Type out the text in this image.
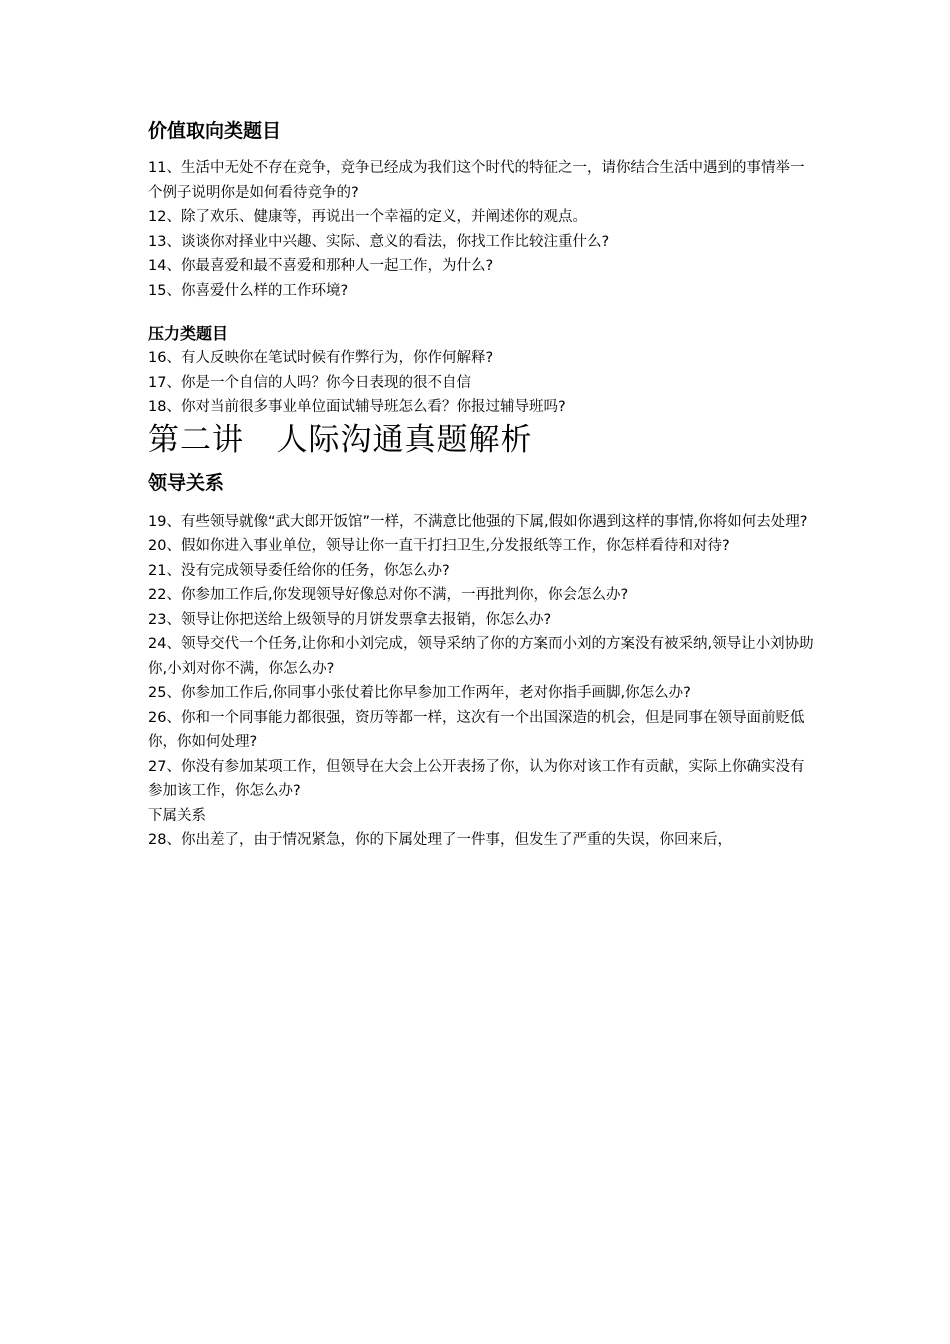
价值取向类题目

11、生活中无处不存在竞争，竞争已经成为我们这个时代的特征之一，请你结合生活中遇到的事情举一个例子说明你是如何看待竞争的?

12、除了欢乐、健康等，再说出一个幸福的定义，并阐述你的观点。

13、谈谈你对择业中兴趣、实际、意义的看法，你找工作比较注重什么?

14、你最喜爱和最不喜爱和那种人一起工作，为什么?

15、你喜爱什么样的工作环境?

压力类题目

16、有人反映你在笔试时候有作弊行为，你作何解释?

17、你是一个自信的人吗？你今日表现的很不自信

18、你对当前很多事业单位面试辅导班怎么看？你报过辅导班吗?

第二讲   人际沟通真题解析
领导关系

19、有些领导就像“武大郎开饭馆”一样，不满意比他强的下属,假如你遇到这样的事情,你将如何去处理?

20、假如你进入事业单位，领导让你一直干打扫卫生,分发报纸等工作，你怎样看待和对待?

21、没有完成领导委任给你的任务，你怎么办?

22、你参加工作后,你发现领导好像总对你不满，一再批判你，你会怎么办?

23、领导让你把送给上级领导的月饼发票拿去报销，你怎么办?

24、领导交代一个任务,让你和小刘完成，领导采纳了你的方案而小刘的方案没有被采纳,领导让小刘协助你,小刘对你不满，你怎么办?

25、你参加工作后,你同事小张仗着比你早参加工作两年，老对你指手画脚,你怎么办?

26、你和一个同事能力都很强，资历等都一样，这次有一个出国深造的机会，但是同事在领导面前贬低你，你如何处理?

27、你没有参加某项工作，但领导在大会上公开表扬了你，认为你对该工作有贡献，实际上你确实没有参加该工作，你怎么办?

下属关系

28、你出差了，由于情况紧急，你的下属处理了一件事，但发生了严重的失误，你回来后，
